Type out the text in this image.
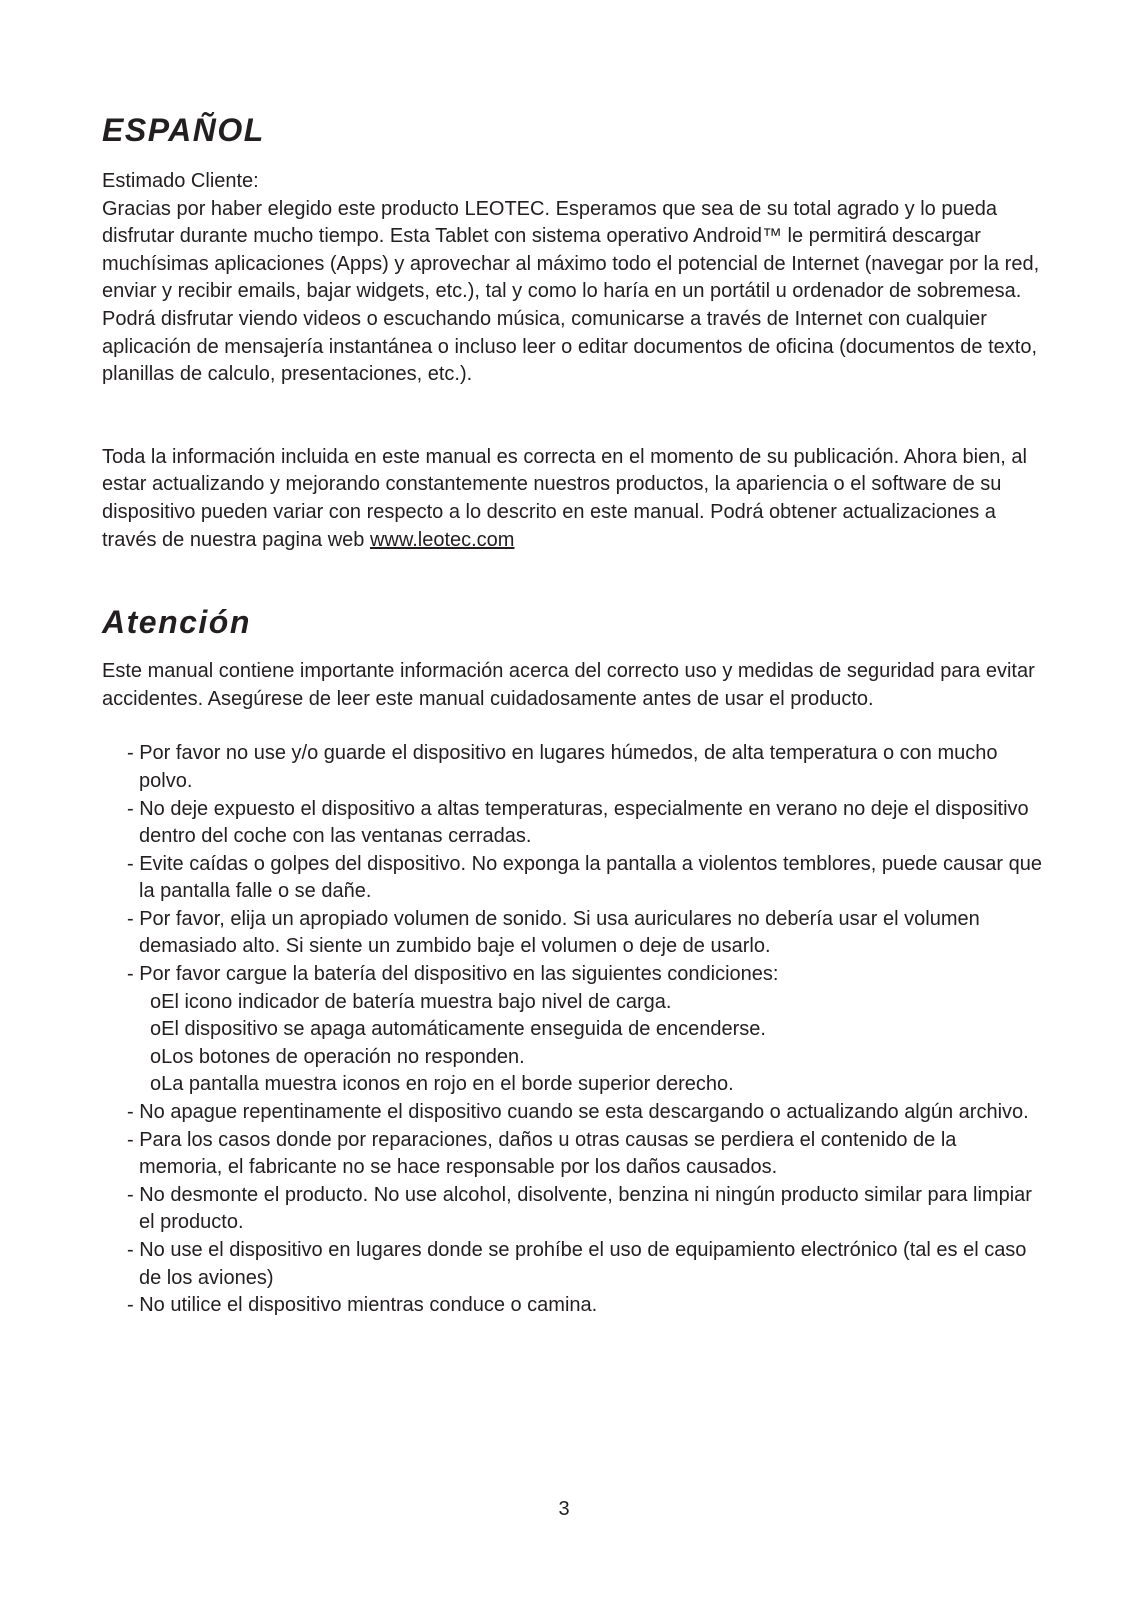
ESPAÑOL

Estimado Cliente:

Gracias por haber elegido este producto LEOTEC. Esperamos que sea de su total agrado y lo pueda disfrutar durante mucho tiempo. Esta Tablet con sistema operativo Android™ le permitirá descargar muchísimas aplicaciones (Apps) y aprovechar al máximo todo el potencial de Internet (navegar por la red, enviar y recibir emails, bajar widgets, etc.), tal y como lo haría en un portátil u ordenador de sobremesa. Podrá disfrutar viendo videos o escuchando música, comunicarse a través de Internet con cualquier aplicación de mensajería instantánea o incluso leer o editar documentos de oficina (documentos de texto, planillas de calculo, presentaciones, etc.).

Toda la información incluida en este manual es correcta en el momento de su publicación. Ahora bien, al estar actualizando y mejorando constantemente nuestros productos, la apariencia o el software de su dispositivo pueden variar con respecto a lo descrito en este manual. Podrá obtener actualizaciones a través de nuestra pagina web www.leotec.com

Atención

Este manual contiene importante información acerca del correcto uso y medidas de seguridad para evitar accidentes. Asegúrese de leer este manual cuidadosamente antes de usar el producto.

- Por favor no use y/o guarde el dispositivo en lugares húmedos, de alta temperatura o con mucho polvo.
- No deje expuesto el dispositivo a altas temperaturas, especialmente en verano no deje el dispositivo dentro del coche con las ventanas cerradas.
- Evite caídas o golpes del dispositivo. No exponga la pantalla a violentos temblores, puede causar que la pantalla falle o se dañe.
- Por favor, elija un apropiado volumen de sonido. Si usa auriculares no debería usar el volumen demasiado alto. Si siente un zumbido baje el volumen o deje de usarlo.
- Por favor cargue la batería del dispositivo en las siguientes condiciones:
oEl icono indicador de batería muestra bajo nivel de carga.
oEl dispositivo se apaga automáticamente enseguida de encenderse.
oLos botones de operación no responden.
oLa pantalla muestra iconos en rojo en el borde superior derecho.
- No apague repentinamente el dispositivo cuando se esta descargando o actualizando algún archivo.
- Para los casos donde por reparaciones, daños u otras causas se perdiera el contenido de la memoria, el fabricante no se hace responsable por los daños causados.
- No desmonte el producto. No use alcohol, disolvente, benzina ni ningún producto similar para limpiar el producto.
- No use el dispositivo en lugares donde se prohíbe el uso de equipamiento electrónico (tal es el caso de los aviones)
- No utilice el dispositivo mientras conduce o camina.
3
